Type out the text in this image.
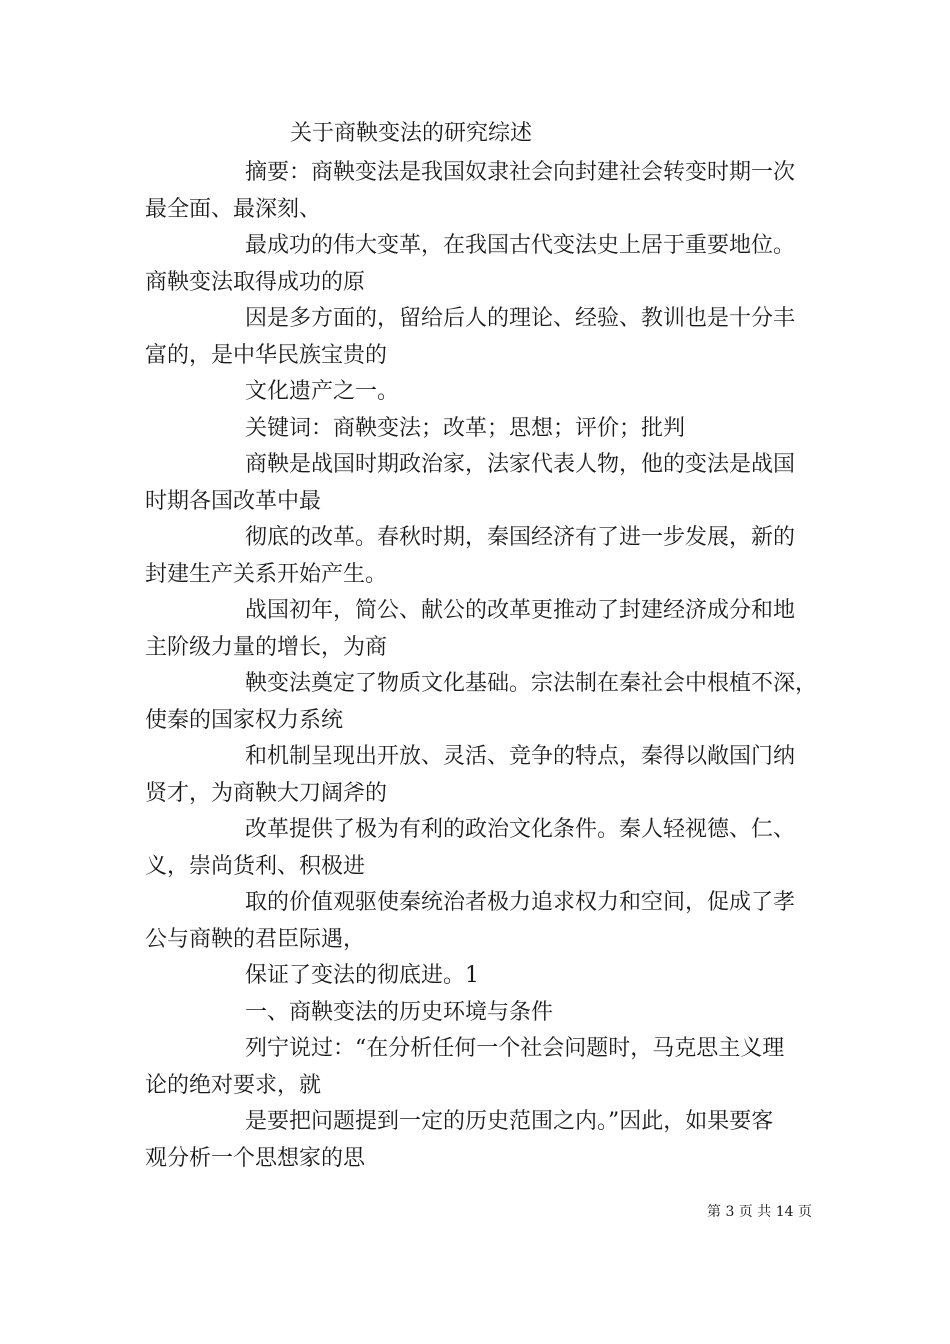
关于商鞅变法的研究综述
摘要：商鞅变法是我国奴隶社会向封建社会转变时期一次
最全面、最深刻、
最成功的伟大变革，在我国古代变法史上居于重要地位。
商鞅变法取得成功的原
因是多方面的，留给后人的理论、经验、教训也是十分丰
富的，是中华民族宝贵的
文化遗产之一。
关键词：商鞅变法；改革；思想；评价；批判
商鞅是战国时期政治家，法家代表人物，他的变法是战国
时期各国改革中最
彻底的改革。春秋时期，秦国经济有了进一步发展，新的
封建生产关系开始产生。
战国初年，简公、献公的改革更推动了封建经济成分和地
主阶级力量的增长，为商
鞅变法奠定了物质文化基础。宗法制在秦社会中根植不深，
使秦的国家权力系统
和机制呈现出开放、灵活、竞争的特点，秦得以敞国门纳
贤才，为商鞅大刀阔斧的
改革提供了极为有利的政治文化条件。秦人轻视德、仁、
义，崇尚货利、积极进
取的价值观驱使秦统治者极力追求权力和空间，促成了孝
公与商鞅的君臣际遇，
保证了变法的彻底进。1
一、商鞅变法的历史环境与条件
列宁说过：“在分析任何一个社会问题时，马克思主义理
论的绝对要求，就
是要把问题提到一定的历史范围之内。”因此，如果要客
观分析一个思想家的思
第 3 页 共 14 页
